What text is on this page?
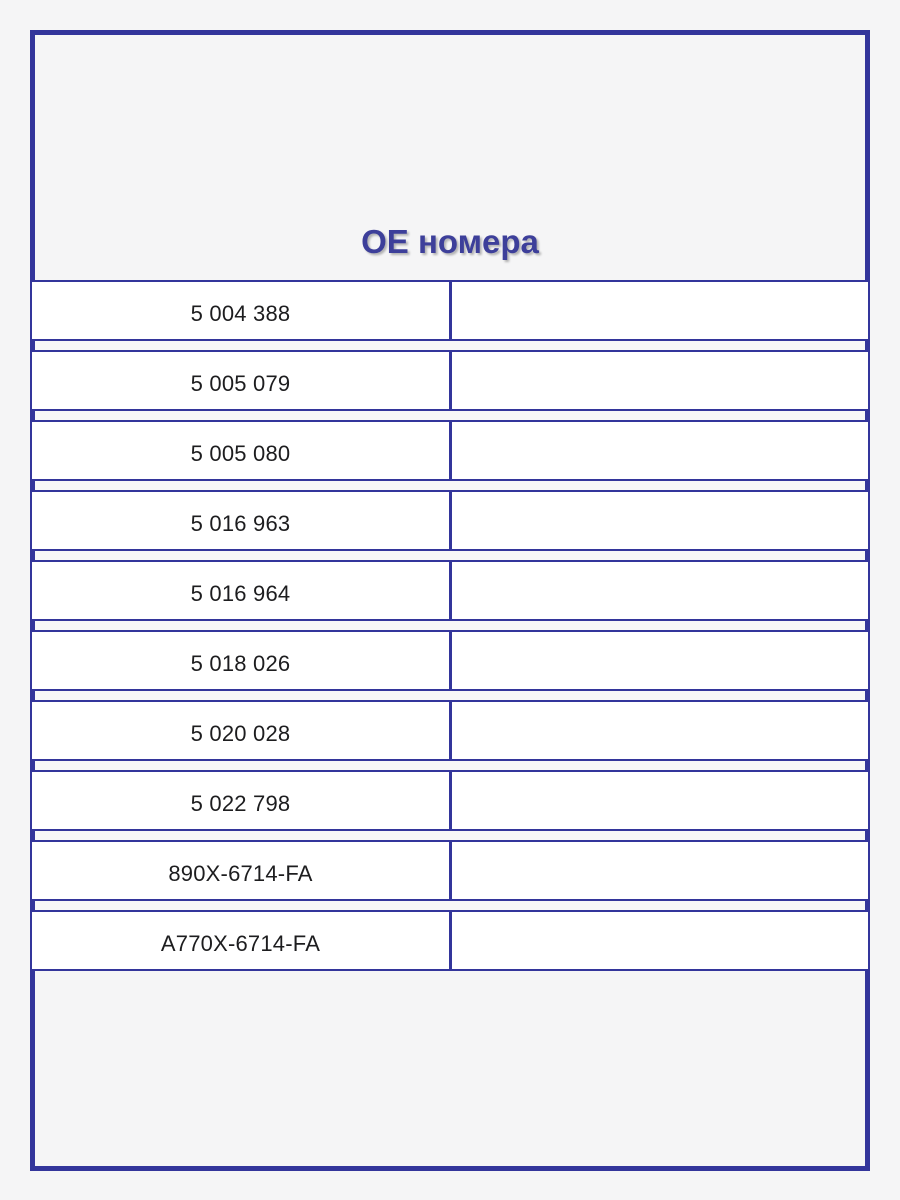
OE номера
5 004 388
5 005 079
5 005 080
5 016 963
5 016 964
5 018 026
5 020 028
5 022 798
890X-6714-FA
A770X-6714-FA
